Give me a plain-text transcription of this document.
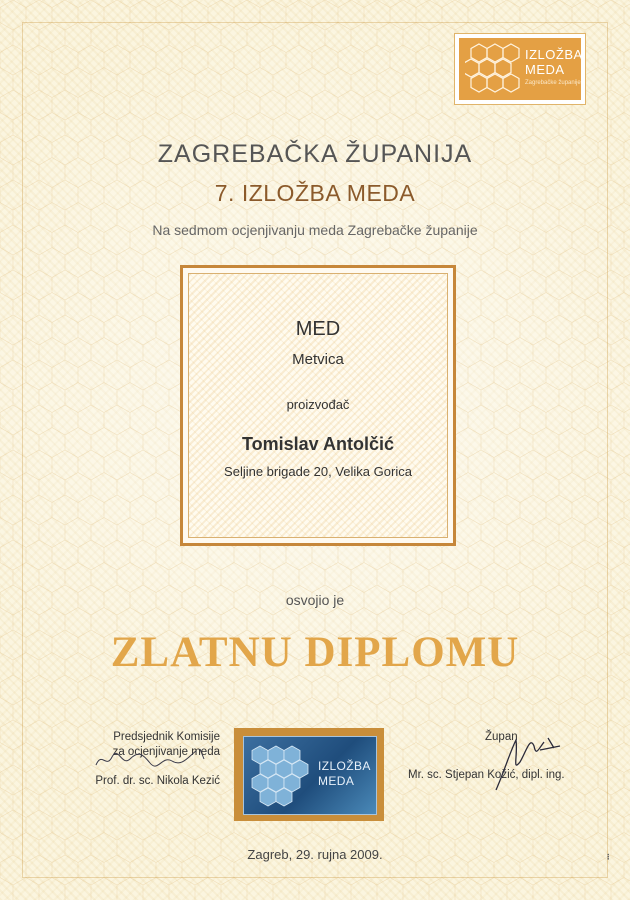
IZLOŽBA
MEDA
Zagrebačke županije
ZAGREBAČKA ŽUPANIJA
7. IZLOŽBA MEDA
Na sedmom ocjenjivanju meda Zagrebačke županije
MED
Metvica
proizvođač
Tomislav Antolčić
Seljine brigade 20, Velika Gorica
osvojio je
ZLATNU DIPLOMU
Predsjednik Komisije
za ocjenjivanje meda
Prof. dr. sc. Nikola Kezić
IZLOŽBA
MEDA
Župan
Mr. sc. Stjepan Kožić, dipl. ing.
Zagreb, 29. rujna 2009.	▪▪▪
